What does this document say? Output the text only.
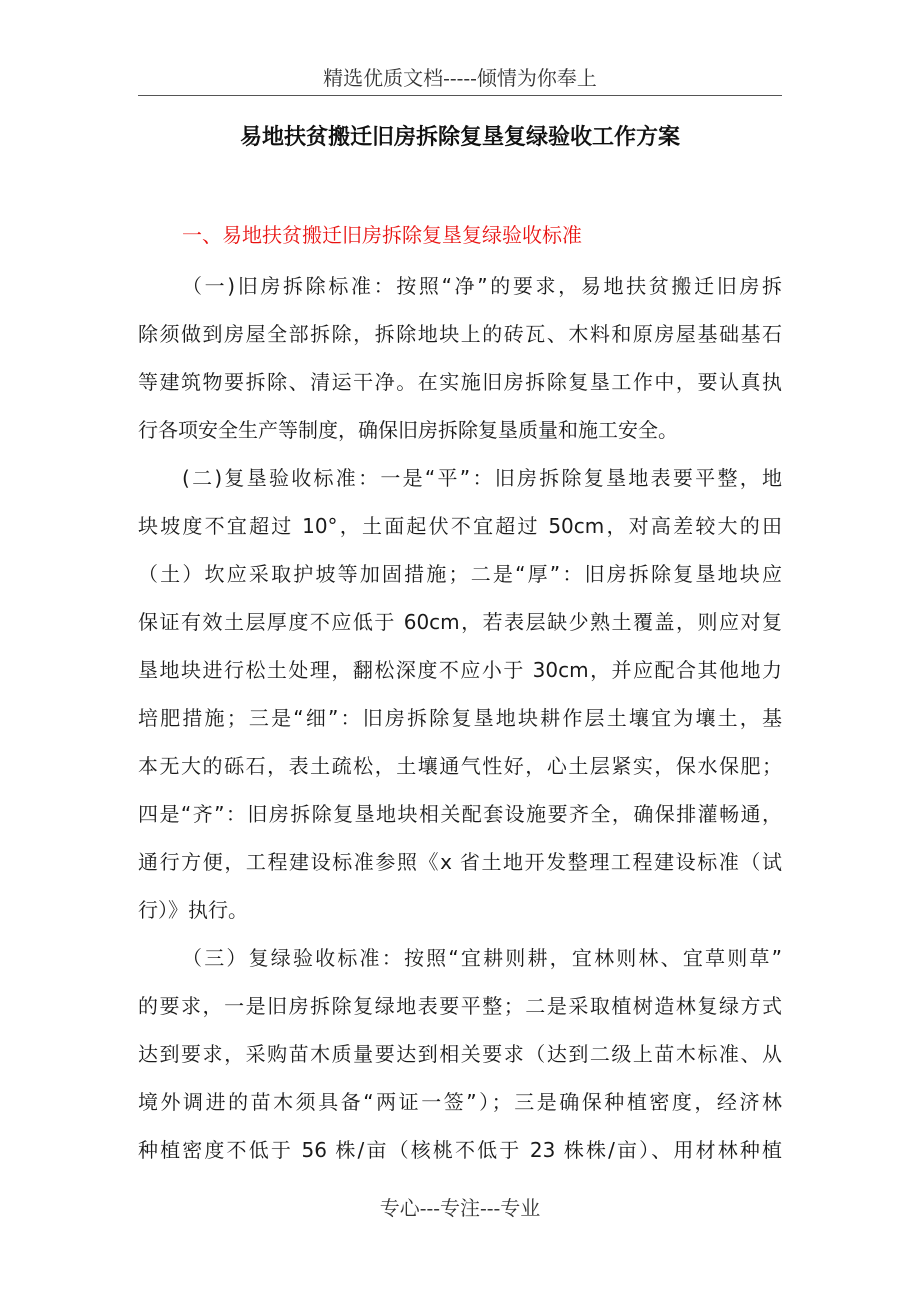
精选优质文档-----倾情为你奉上
易地扶贫搬迁旧房拆除复垦复绿验收工作方案
一、易地扶贫搬迁旧房拆除复垦复绿验收标准
（一)旧房拆除标准：按照“净”的要求，易地扶贫搬迁旧房拆
除须做到房屋全部拆除，拆除地块上的砖瓦、木料和原房屋基础基石
等建筑物要拆除、清运干净。在实施旧房拆除复垦工作中，要认真执
行各项安全生产等制度，确保旧房拆除复垦质量和施工安全。
(二)复垦验收标准：一是“平”：旧房拆除复垦地表要平整，地
块坡度不宜超过 10°，土面起伏不宜超过 50cm，对高差较大的田
（土）坎应采取护坡等加固措施；二是“厚”：旧房拆除复垦地块应
保证有效土层厚度不应低于 60cm，若表层缺少熟土覆盖，则应对复
垦地块进行松土处理，翻松深度不应小于 30cm，并应配合其他地力
培肥措施；三是“细”：旧房拆除复垦地块耕作层土壤宜为壤土，基
本无大的砾石，表土疏松，土壤通气性好，心土层紧实，保水保肥；
四是“齐”：旧房拆除复垦地块相关配套设施要齐全，确保排灌畅通，
通行方便，工程建设标准参照《x 省土地开发整理工程建设标准（试
行）》执行。
（三）复绿验收标准：按照“宜耕则耕，宜林则林、宜草则草”
的要求，一是旧房拆除复绿地表要平整；二是采取植树造林复绿方式
达到要求，采购苗木质量要达到相关要求（达到二级上苗木标准、从
境外调进的苗木须具备“两证一签”）；三是确保种植密度，经济林
种植密度不低于 56 株/亩（核桃不低于 23 株株/亩）、用材林种植
专心---专注---专业
